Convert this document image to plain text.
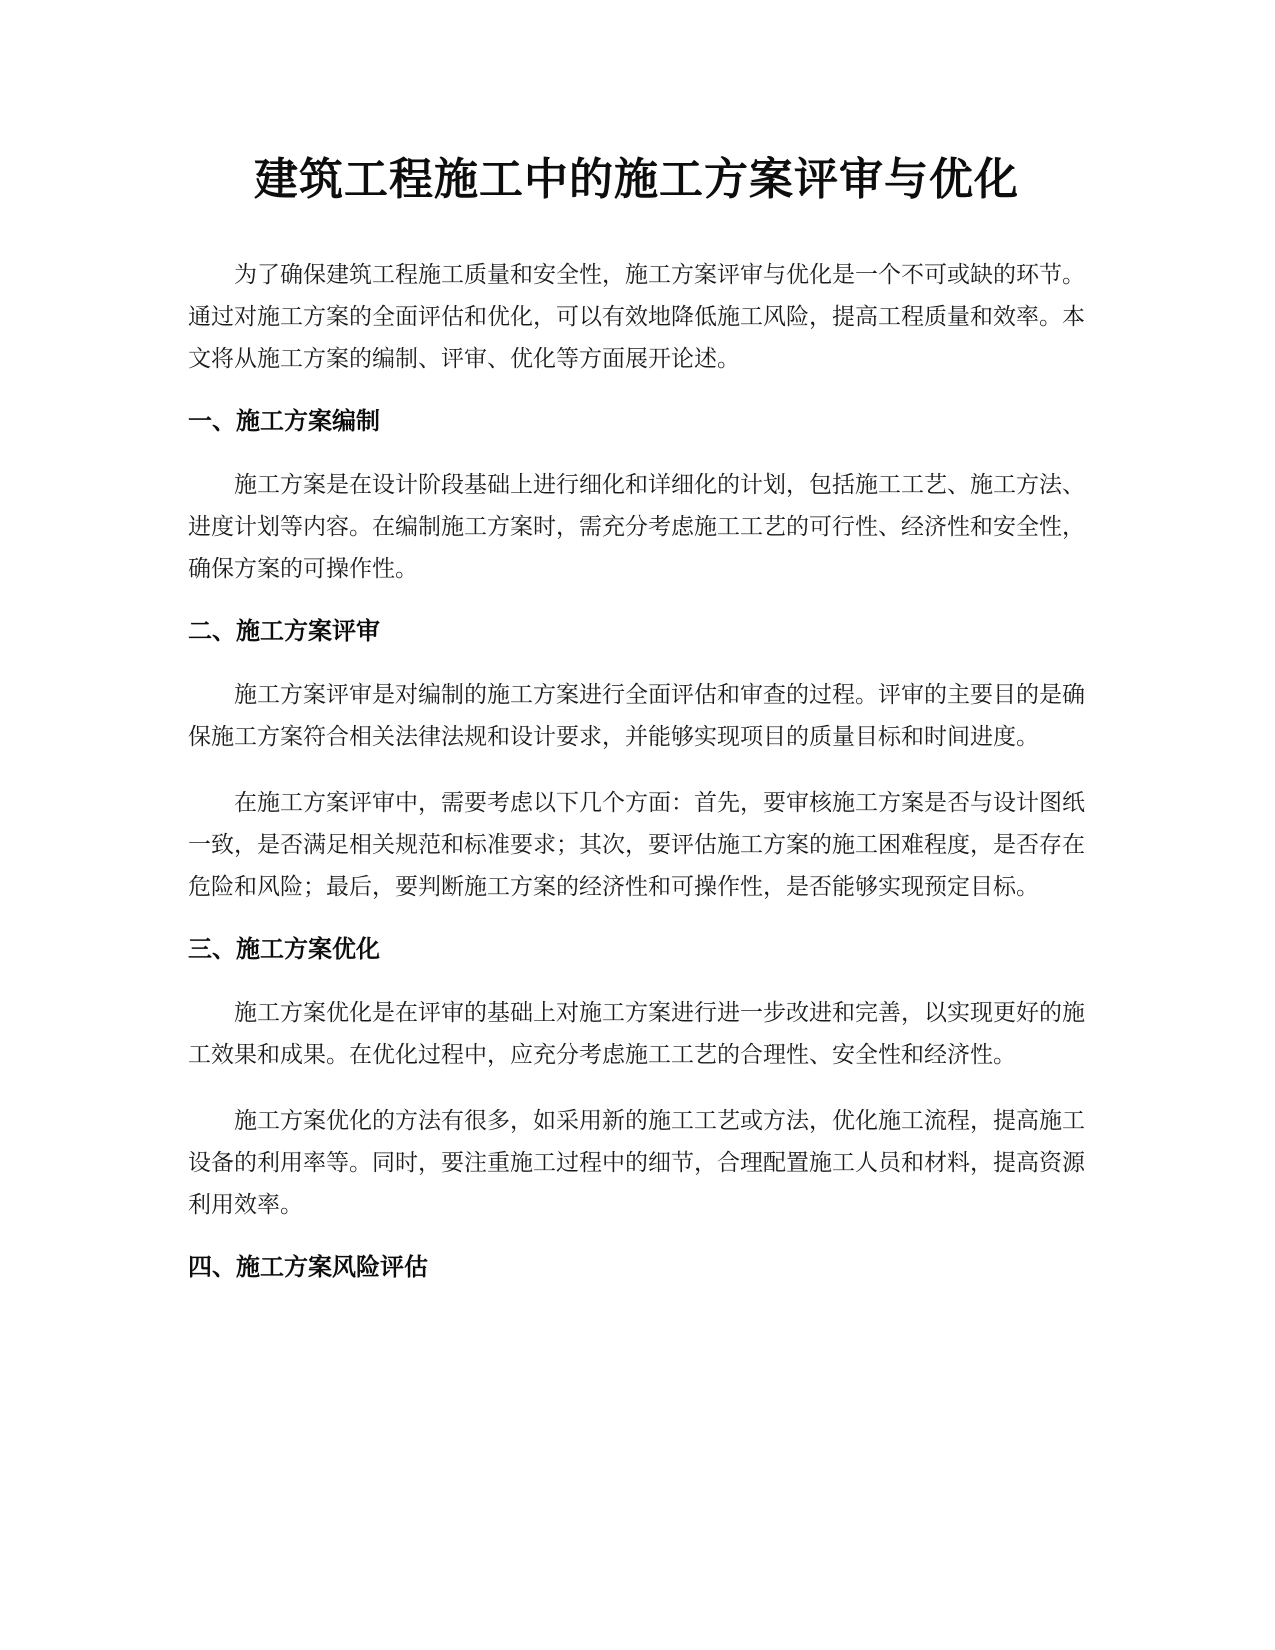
建筑工程施工中的施工方案评审与优化

为了确保建筑工程施工质量和安全性，施工方案评审与优化是一个不可或缺的环节。通过对施工方案的全面评估和优化，可以有效地降低施工风险，提高工程质量和效率。本文将从施工方案的编制、评审、优化等方面展开论述。

一、施工方案编制

施工方案是在设计阶段基础上进行细化和详细化的计划，包括施工工艺、施工方法、进度计划等内容。在编制施工方案时，需充分考虑施工工艺的可行性、经济性和安全性，确保方案的可操作性。

二、施工方案评审

施工方案评审是对编制的施工方案进行全面评估和审查的过程。评审的主要目的是确保施工方案符合相关法律法规和设计要求，并能够实现项目的质量目标和时间进度。

在施工方案评审中，需要考虑以下几个方面：首先，要审核施工方案是否与设计图纸一致，是否满足相关规范和标准要求；其次，要评估施工方案的施工困难程度，是否存在危险和风险；最后，要判断施工方案的经济性和可操作性，是否能够实现预定目标。

三、施工方案优化

施工方案优化是在评审的基础上对施工方案进行进一步改进和完善，以实现更好的施工效果和成果。在优化过程中，应充分考虑施工工艺的合理性、安全性和经济性。

施工方案优化的方法有很多，如采用新的施工工艺或方法，优化施工流程，提高施工设备的利用率等。同时，要注重施工过程中的细节，合理配置施工人员和材料，提高资源利用效率。

四、施工方案风险评估
